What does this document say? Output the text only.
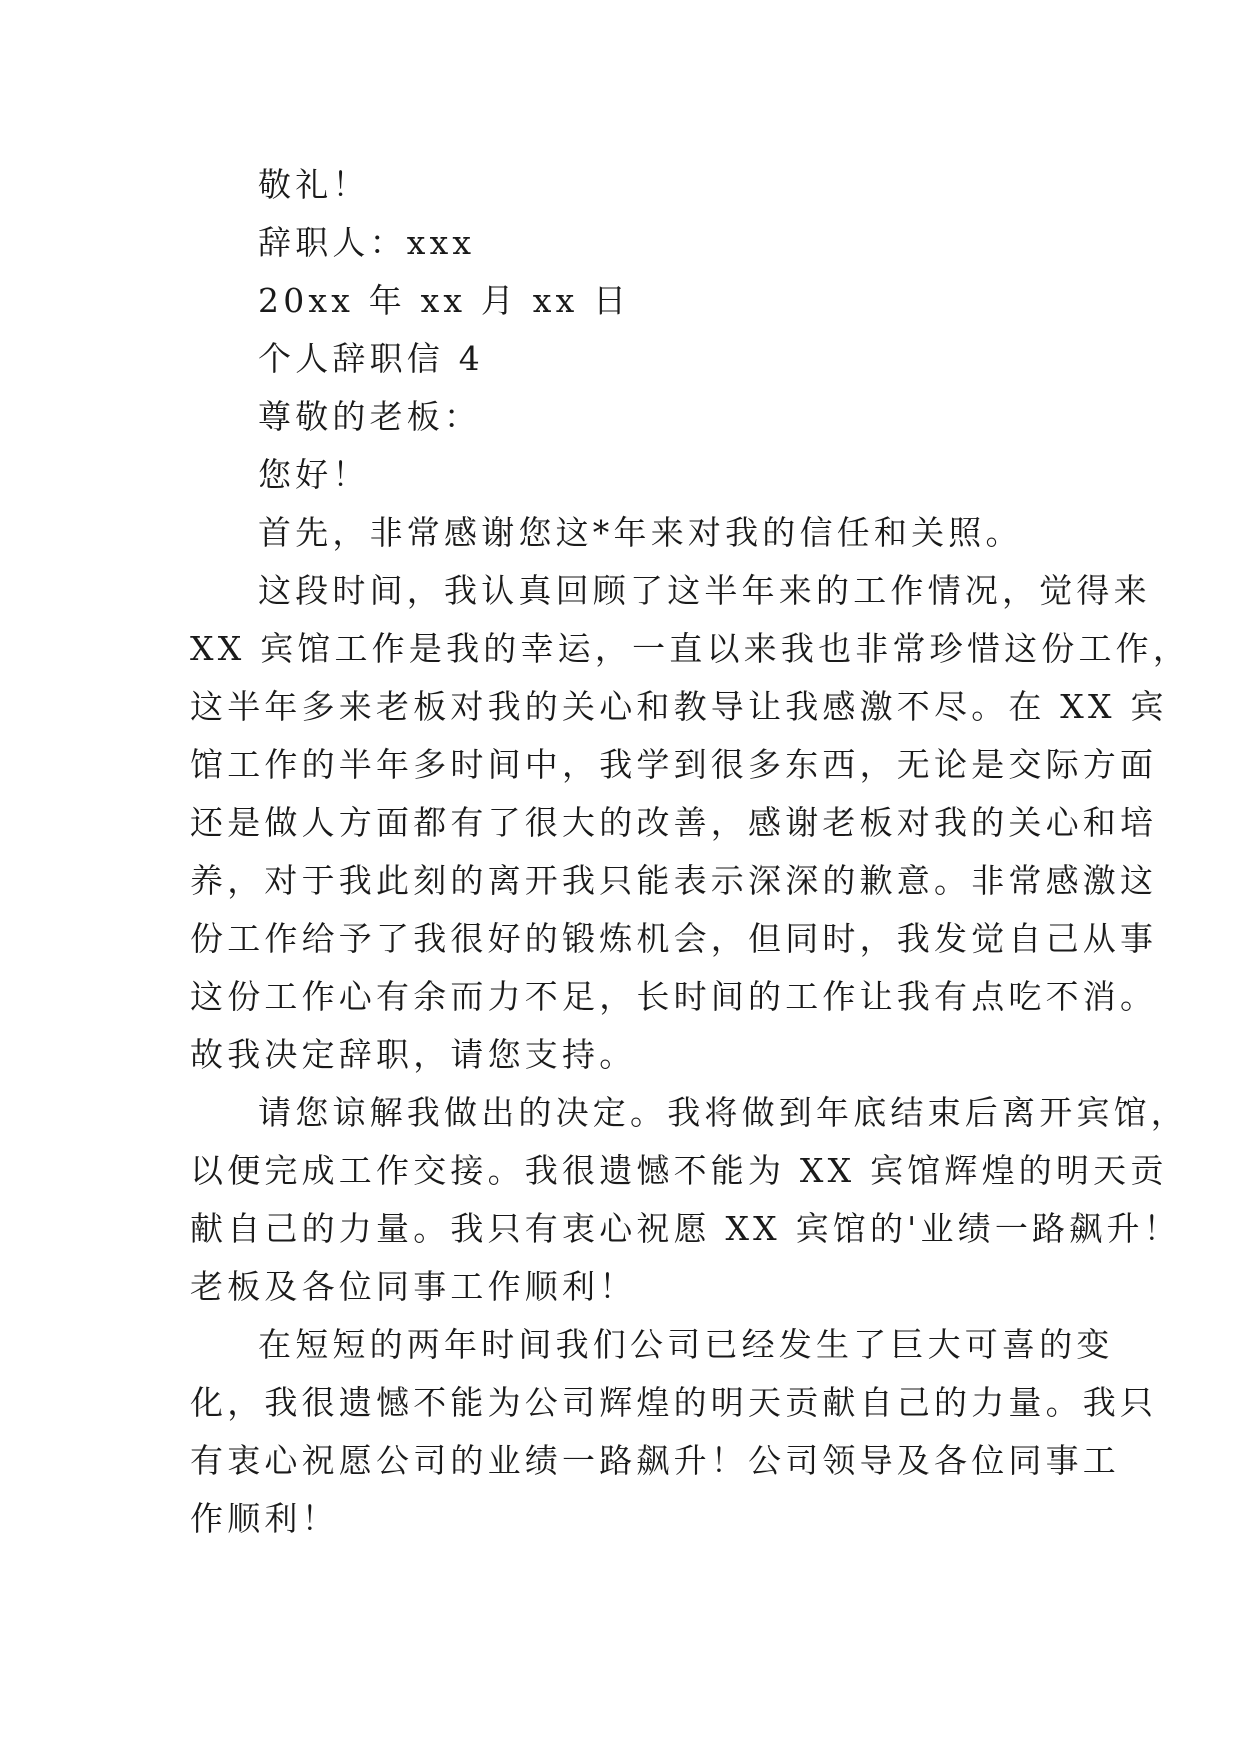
敬礼！
辞职人：xxx
20xx 年 xx 月 xx 日
个人辞职信 4
尊敬的老板：
您好！
首先，非常感谢您这*年来对我的信任和关照。
这段时间，我认真回顾了这半年来的工作情况，觉得来
XX 宾馆工作是我的幸运，一直以来我也非常珍惜这份工作，
这半年多来老板对我的关心和教导让我感激不尽。在 XX 宾
馆工作的半年多时间中，我学到很多东西，无论是交际方面
还是做人方面都有了很大的改善，感谢老板对我的关心和培
养，对于我此刻的离开我只能表示深深的歉意。非常感激这
份工作给予了我很好的锻炼机会，但同时，我发觉自己从事
这份工作心有余而力不足，长时间的工作让我有点吃不消。
故我决定辞职，请您支持。
请您谅解我做出的决定。我将做到年底结束后离开宾馆，
以便完成工作交接。我很遗憾不能为 XX 宾馆辉煌的明天贡
献自己的力量。我只有衷心祝愿 XX 宾馆的'业绩一路飙升！
老板及各位同事工作顺利！
在短短的两年时间我们公司已经发生了巨大可喜的变
化，我很遗憾不能为公司辉煌的明天贡献自己的力量。我只
有衷心祝愿公司的业绩一路飙升！公司领导及各位同事工
作顺利！
